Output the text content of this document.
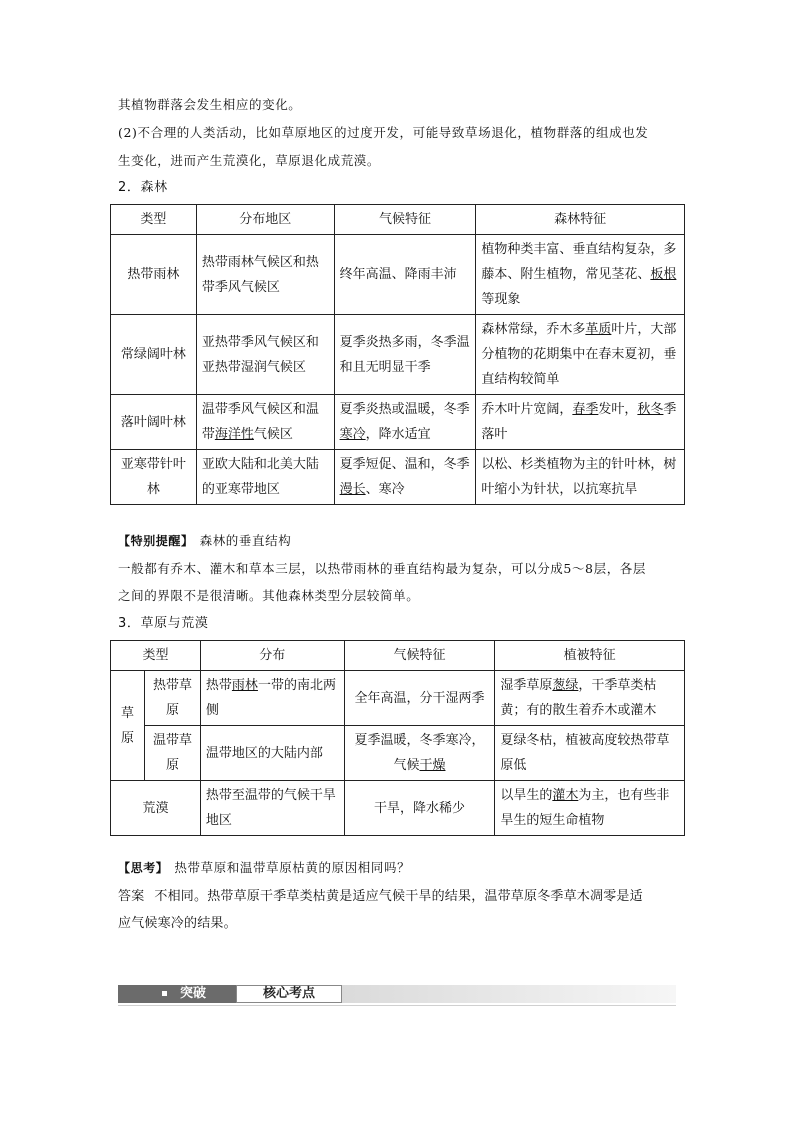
其植物群落会发生相应的变化。
(2)不合理的人类活动，比如草原地区的过度开发，可能导致草场退化，植物群落的组成也发
生变化，进而产生荒漠化，草原退化成荒漠。
2．森林
类型	分布地区	气候特征	森林特征
热带雨林	热带雨林气候区和热带季风气候区	终年高温、降雨丰沛	植物种类丰富、垂直结构复杂，多藤本、附生植物，常见茎花、板根等现象
常绿阔叶林	亚热带季风气候区和亚热带湿润气候区	夏季炎热多雨，冬季温和且无明显干季	森林常绿，乔木多革质叶片，大部分植物的花期集中在春末夏初，垂直结构较简单
落叶阔叶林	温带季风气候区和温带海洋性气候区	夏季炎热或温暖，冬季寒冷，降水适宜	乔木叶片宽阔，春季发叶，秋冬季落叶
亚寒带针叶林	亚欧大陆和北美大陆的亚寒带地区	夏季短促、温和，冬季漫长、寒冷	以松、杉类植物为主的针叶林，树叶缩小为针状，以抗寒抗旱
【特别提醒】 森林的垂直结构
一般都有乔木、灌木和草本三层，以热带雨林的垂直结构最为复杂，可以分成5～8层，各层
之间的界限不是很清晰。其他森林类型分层较简单。
3．草原与荒漠
类型		分布	气候特征	植被特征
草原	热带草原	热带雨林一带的南北两侧	全年高温，分干湿两季	湿季草原葱绿，干季草类枯黄；有的散生着乔木或灌木
	温带草原	温带地区的大陆内部	夏季温暖，冬季寒冷，气候干燥	夏绿冬枯，植被高度较热带草原低
荒漠		热带至温带的气候干旱地区	干旱，降水稀少	以旱生的灌木为主，也有些非旱生的短生命植物
【思考】 热带草原和温带草原枯黄的原因相同吗？
答案 不相同。热带草原干季草类枯黄是适应气候干旱的结果，温带草原冬季草木凋零是适
应气候寒冷的结果。
突破	核心考点
